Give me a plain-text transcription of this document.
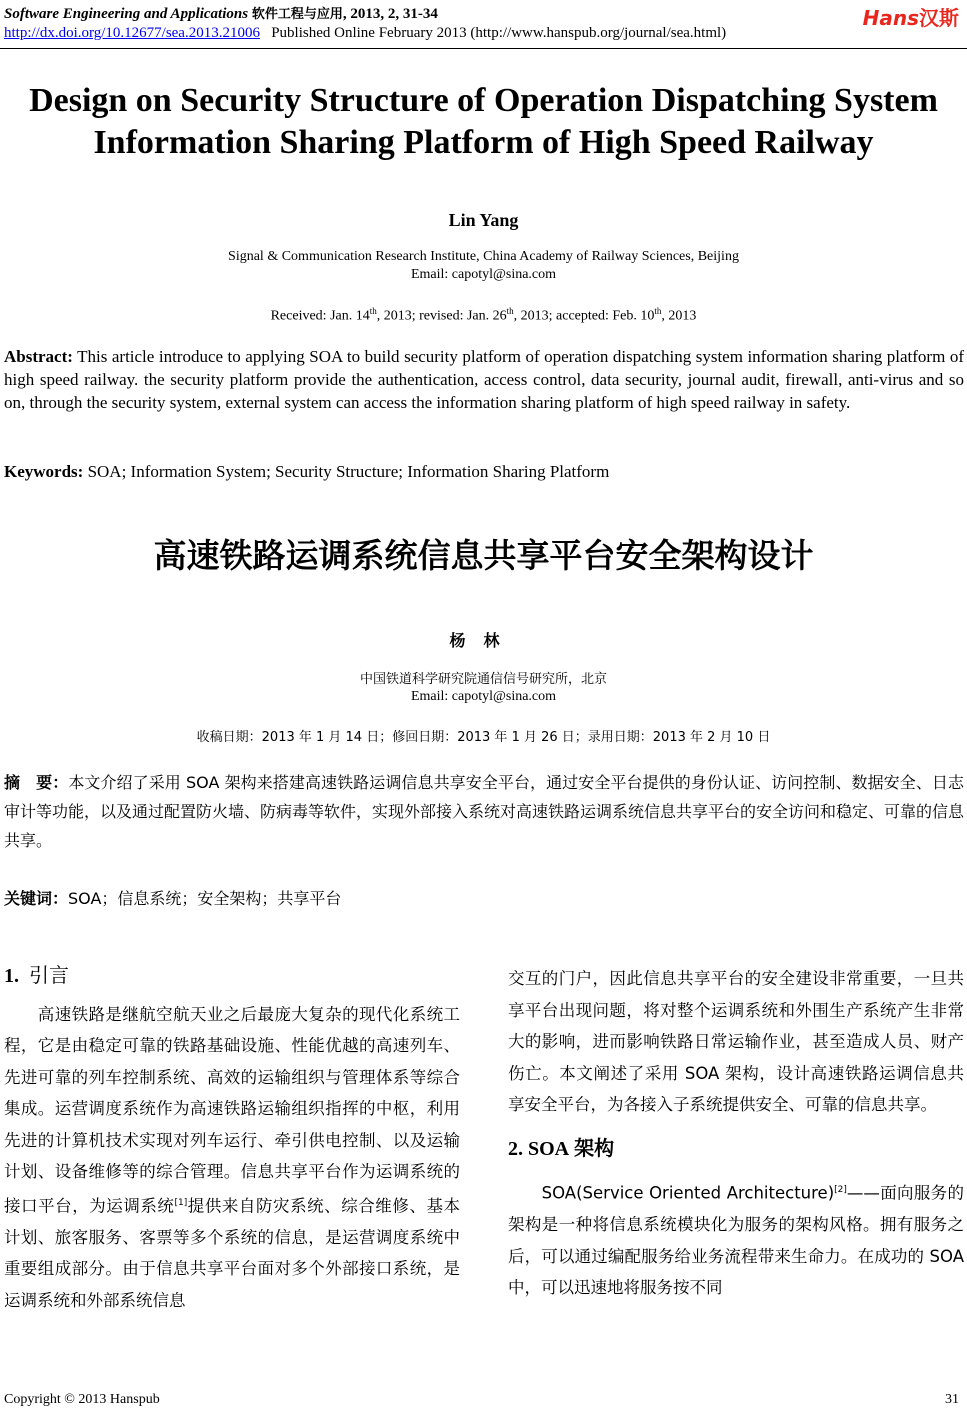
Software Engineering and Applications 软件工程与应用, 2013, 2, 31-34
http://dx.doi.org/10.12677/sea.2013.21006 Published Online February 2013 (http://www.hanspub.org/journal/sea.html)
Hans汉斯
Design on Security Structure of Operation Dispatching System
Information Sharing Platform of High Speed Railway
Lin Yang
Signal & Communication Research Institute, China Academy of Railway Sciences, Beijing
Email: capotyl@sina.com
Received: Jan. 14th, 2013; revised: Jan. 26th, 2013; accepted: Feb. 10th, 2013
Abstract: This article introduce to applying SOA to build security platform of operation dispatching system information sharing platform of high speed railway. the security platform provide the authentication, access control, data security, journal audit, firewall, anti-virus and so on, through the security system, external system can access the information sharing platform of high speed railway in safety.
Keywords: SOA; Information System; Security Structure; Information Sharing Platform
高速铁路运调系统信息共享平台安全架构设计
杨林
中国铁道科学研究院通信信号研究所，北京
Email: capotyl@sina.com
收稿日期：2013 年 1 月 14 日；修回日期：2013 年 1 月 26 日；录用日期：2013 年 2 月 10 日
摘　要：本文介绍了采用 SOA 架构来搭建高速铁路运调信息共享安全平台，通过安全平台提供的身份认证、访问控制、数据安全、日志审计等功能，以及通过配置防火墙、防病毒等软件，实现外部接入系统对高速铁路运调系统信息共享平台的安全访问和稳定、可靠的信息共享。
关键词：SOA；信息系统；安全架构；共享平台
1. 引言

　　高速铁路是继航空航天业之后最庞大复杂的现代化系统工程，它是由稳定可靠的铁路基础设施、性能优越的高速列车、先进可靠的列车控制系统、高效的运输组织与管理体系等综合集成。运营调度系统作为高速铁路运输组织指挥的中枢，利用先进的计算机技术实现对列车运行、牵引供电控制、以及运输计划、设备维修等的综合管理。信息共享平台作为运调系统的接口平台，为运调系统[1]提供来自防灾系统、综合维修、基本计划、旅客服务、客票等多个系统的信息，是运营调度系统中重要组成部分。由于信息共享平台面对多个外部接口系统，是运调系统和外部系统信息

交互的门户，因此信息共享平台的安全建设非常重要，一旦共享平台出现问题，将对整个运调系统和外围生产系统产生非常大的影响，进而影响铁路日常运输作业，甚至造成人员、财产伤亡。本文阐述了采用 SOA 架构，设计高速铁路运调信息共享安全平台，为各接入子系统提供安全、可靠的信息共享。

2. SOA 架构

　　SOA(Service Oriented Architecture)[2]——面向服务的架构是一种将信息系统模块化为服务的架构风格。拥有服务之后，可以通过编配服务给业务流程带来生命力。在成功的 SOA 中，可以迅速地将服务按不同

Copyright © 2013 Hanspub	31
